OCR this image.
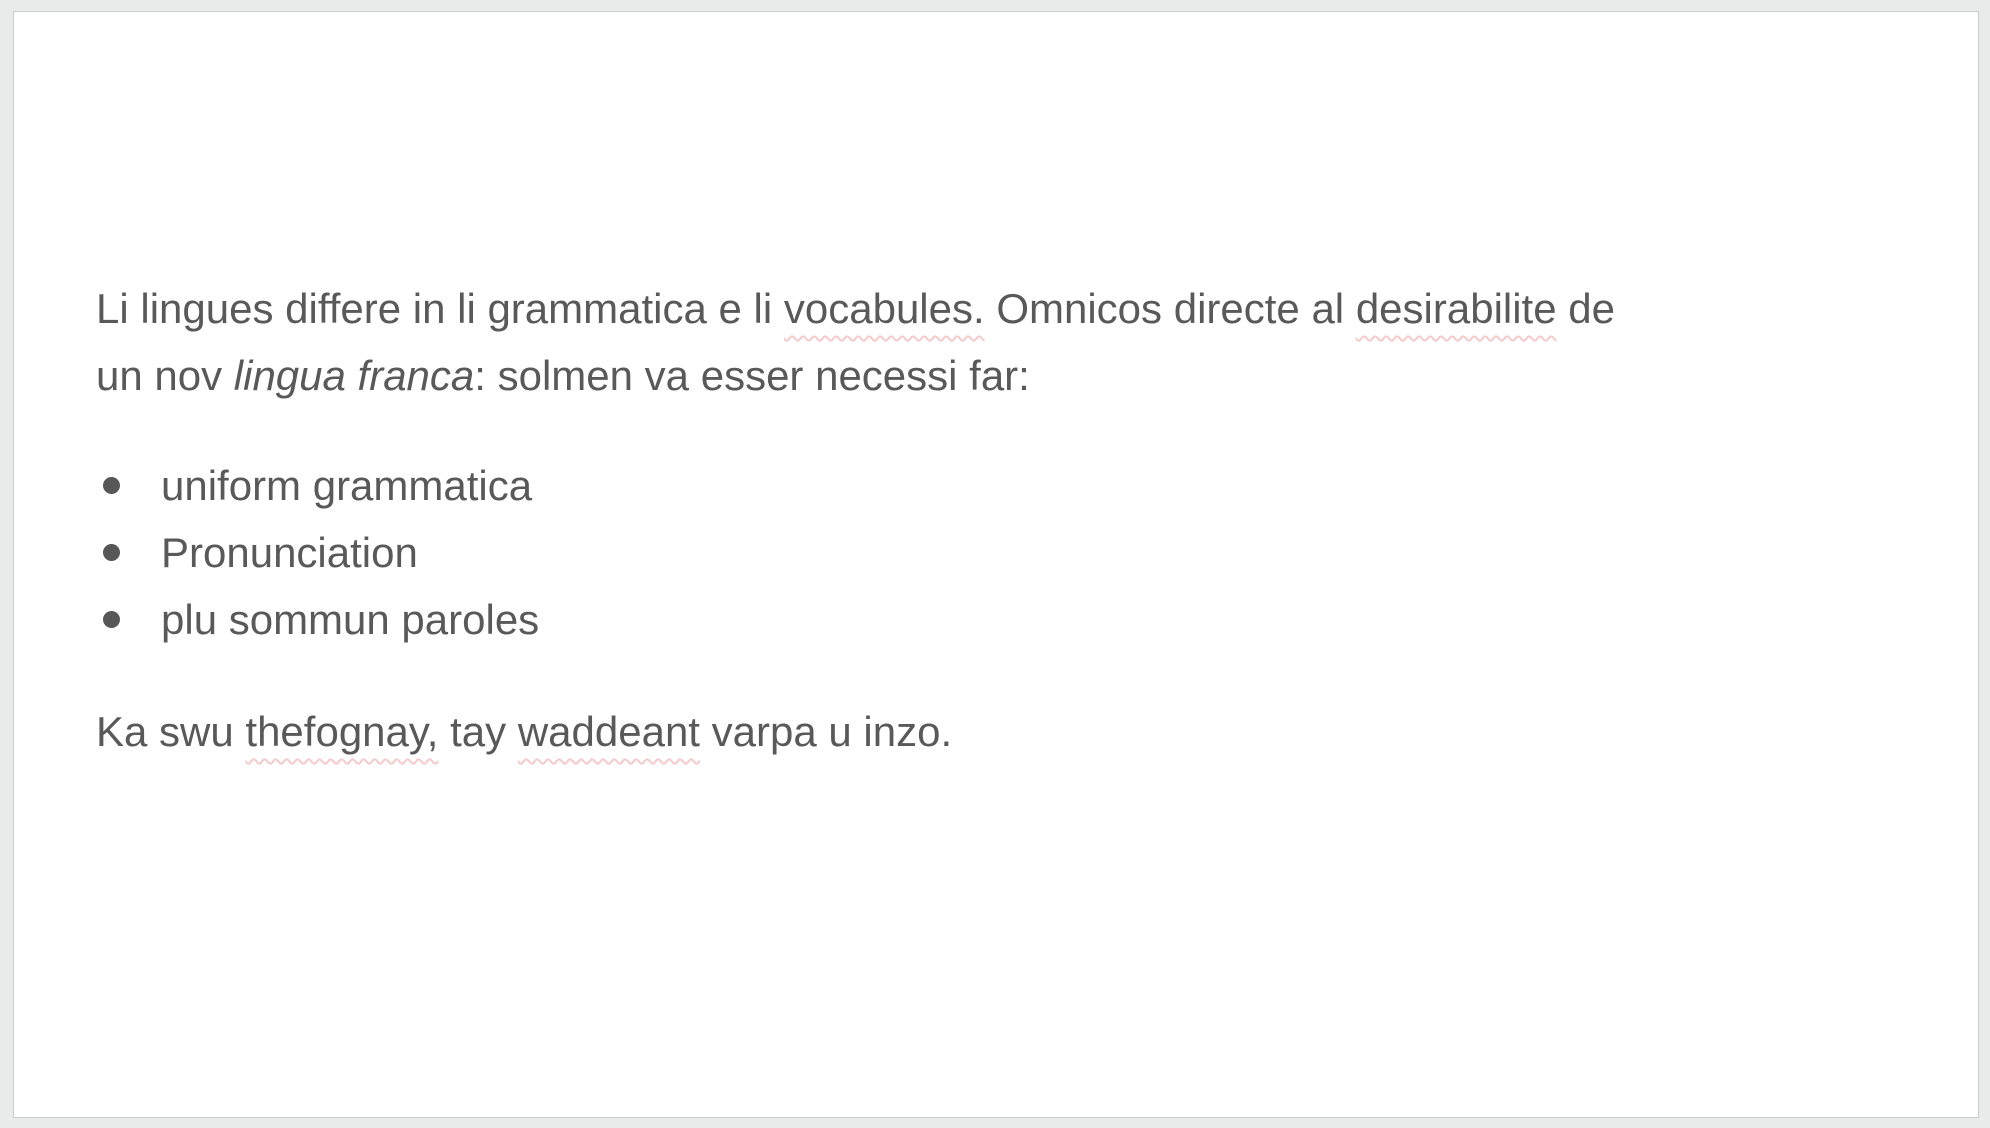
Li lingues differe in li grammatica e li vocabules. Omnicos directe al desirabilite de
un nov lingua franca: solmen va esser necessi far:
uniform grammatica
Pronunciation
plu sommun paroles
Ka swu thefognay, tay waddeant varpa u inzo.
